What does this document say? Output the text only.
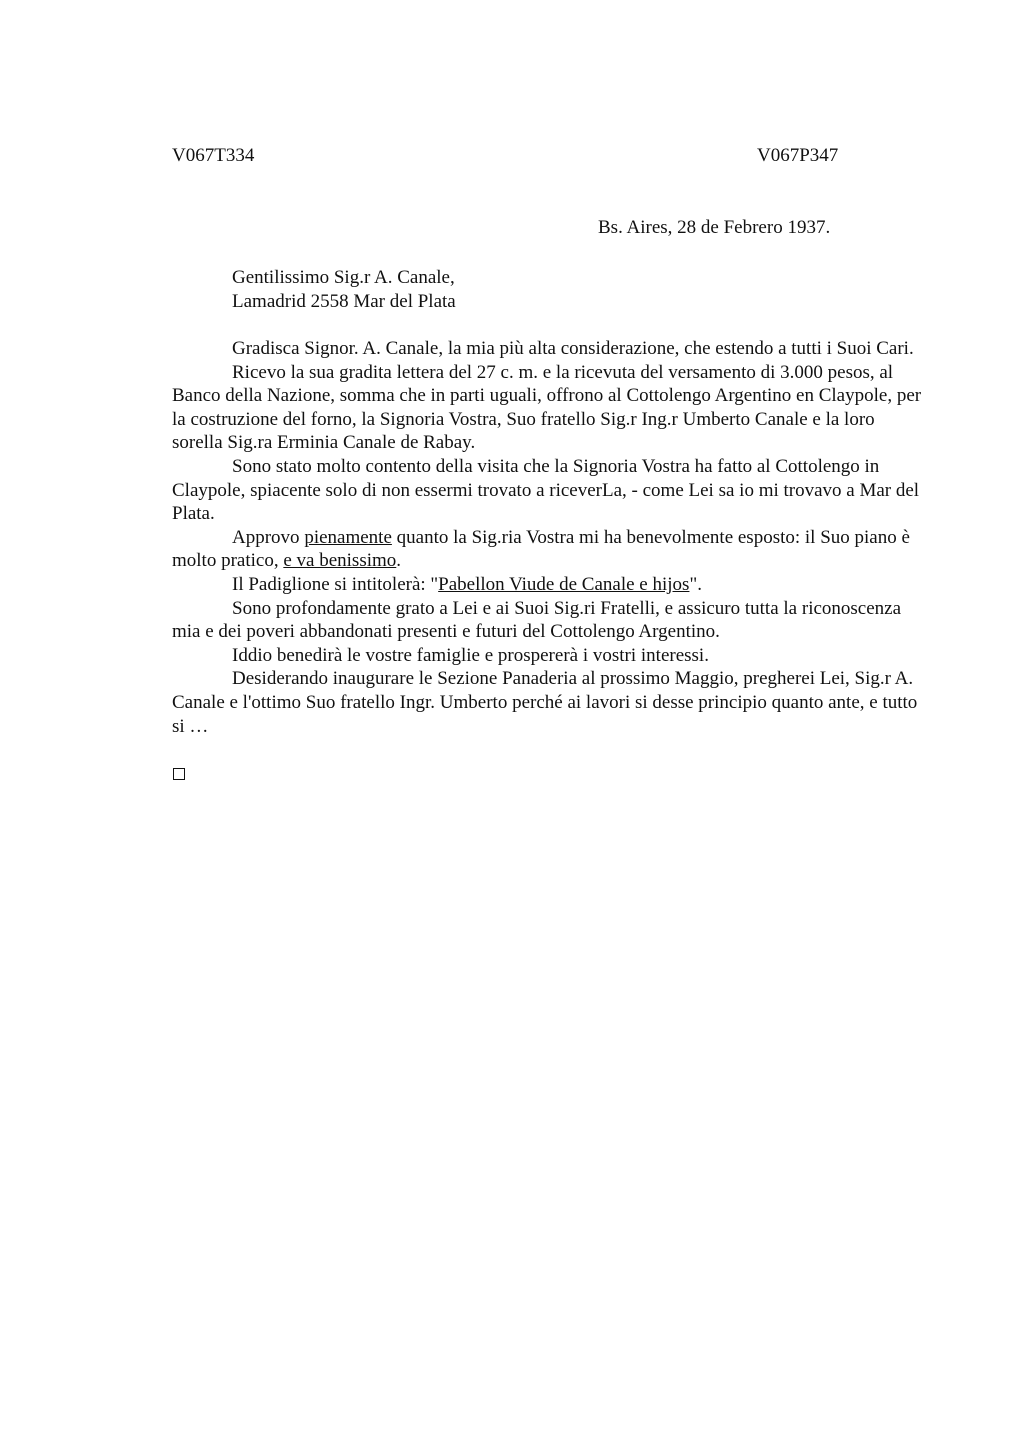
V067T334	V067P347
Bs. Aires, 28 de Febrero 1937.
Gentilissimo Sig.r A. Canale,
Lamadrid 2558 Mar del Plata

Gradisca Signor. A. Canale, la mia più alta considerazione, che estendo a tutti i Suoi Cari.

Ricevo la sua gradita lettera del 27 c. m. e la ricevuta del versamento di 3.000 pesos, al Banco della Nazione, somma che in parti uguali, offrono al Cottolengo Argentino en Claypole, per la costruzione del forno, la Signoria Vostra, Suo fratello Sig.r Ing.r Umberto Canale e la loro sorella Sig.ra Erminia Canale de Rabay.

Sono stato molto contento della visita che la Signoria Vostra ha fatto al Cottolengo in Claypole, spiacente solo di non essermi trovato a riceverLa, - come Lei sa io mi trovavo a Mar del Plata.

Approvo pienamente quanto la Sig.ria Vostra mi ha benevolmente esposto: il Suo piano è molto pratico, e va benissimo.

Il Padiglione si intitolerà: "Pabellon Viude de Canale e hijos".

Sono profondamente grato a Lei e ai Suoi Sig.ri Fratelli, e assicuro tutta la riconoscenza mia e dei poveri abbandonati presenti e futuri del Cottolengo Argentino.

Iddio benedirà le vostre famiglie e prospererà i vostri interessi.

Desiderando inaugurare le Sezione Panaderia al prossimo Maggio, pregherei Lei, Sig.r A. Canale e l'ottimo Suo fratello Ingr. Umberto perché ai lavori si desse principio quanto ante, e tutto si …
